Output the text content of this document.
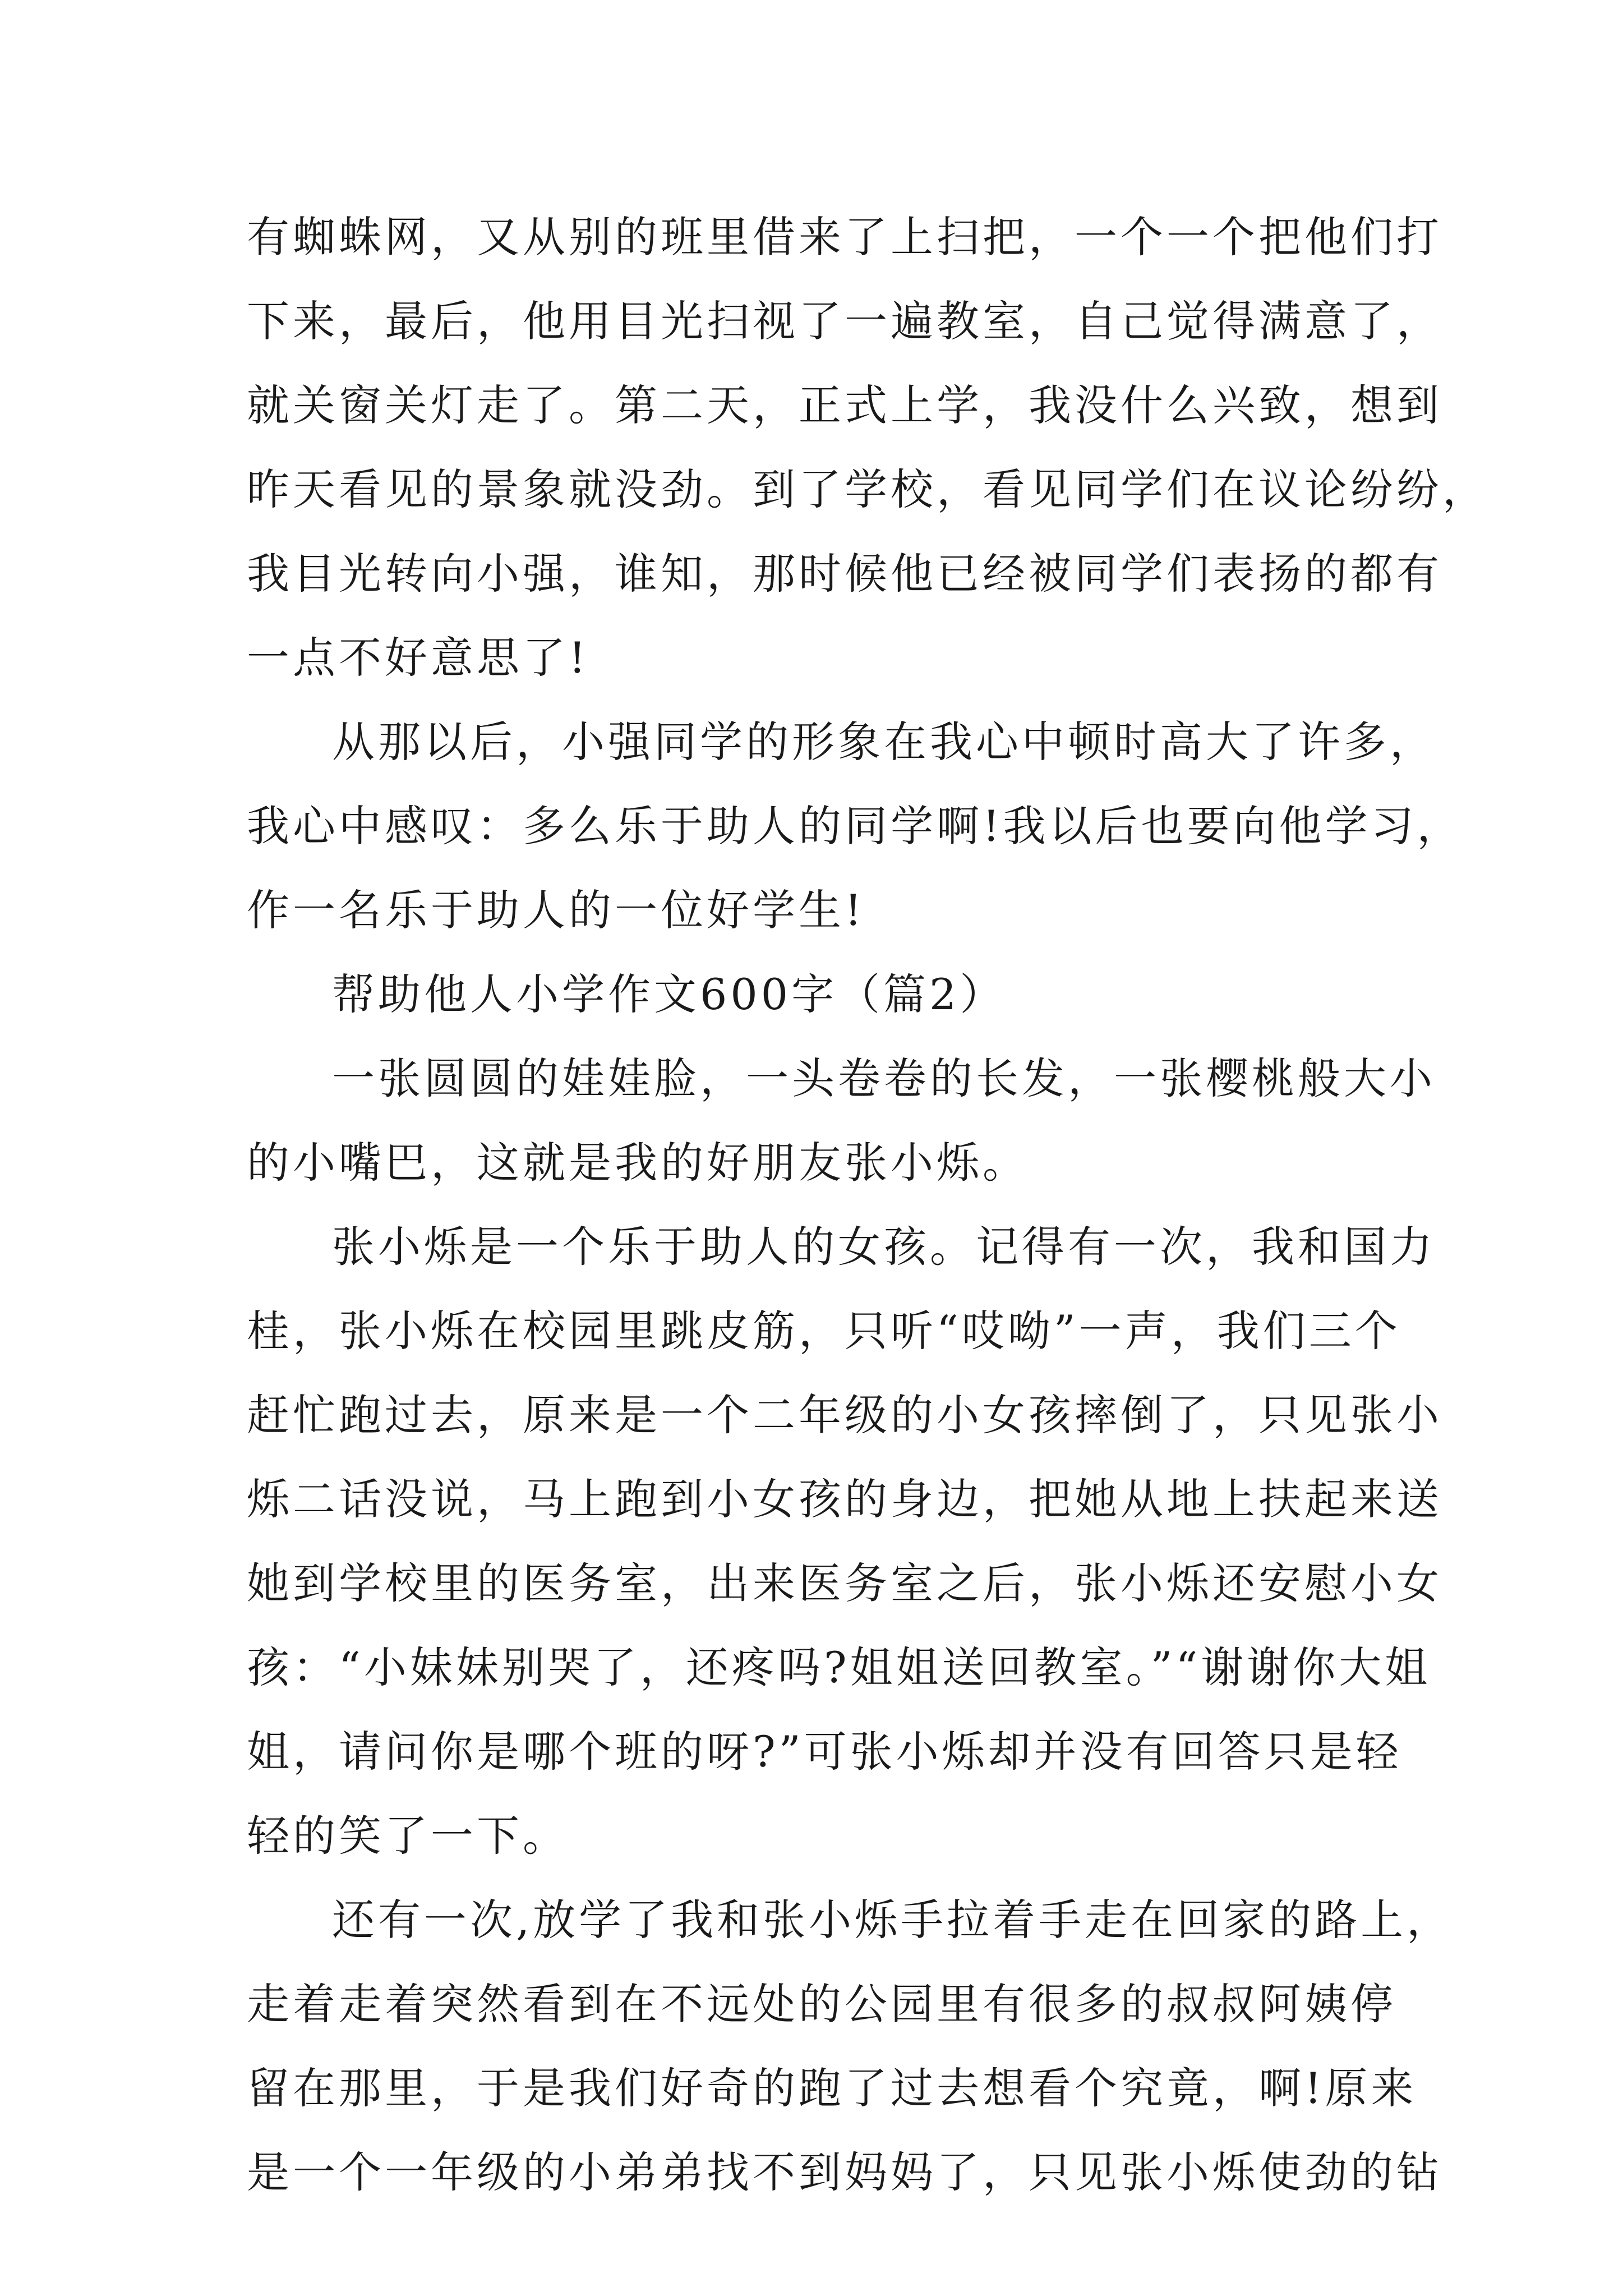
有蜘蛛网，又从别的班里借来了上扫把，一个一个把他们打
下来，最后，他用目光扫视了一遍教室，自己觉得满意了，
就关窗关灯走了。第二天，正式上学，我没什么兴致，想到
昨天看见的景象就没劲。到了学校，看见同学们在议论纷纷，
我目光转向小强，谁知，那时候他已经被同学们表扬的都有
一点不好意思了!
从那以后，小强同学的形象在我心中顿时高大了许多，
我心中感叹：多么乐于助人的同学啊!我以后也要向他学习，
作一名乐于助人的一位好学生!
帮助他人小学作文600字（篇2）
一张圆圆的娃娃脸，一头卷卷的长发，一张樱桃般大小
的小嘴巴，这就是我的好朋友张小烁。
张小烁是一个乐于助人的女孩。记得有一次，我和国力
桂，张小烁在校园里跳皮筋，只听“哎呦”一声，我们三个
赶忙跑过去，原来是一个二年级的小女孩摔倒了，只见张小
烁二话没说，马上跑到小女孩的身边，把她从地上扶起来送
她到学校里的医务室，出来医务室之后，张小烁还安慰小女
孩：“小妹妹别哭了，还疼吗?姐姐送回教室。”“谢谢你大姐
姐，请问你是哪个班的呀?”可张小烁却并没有回答只是轻
轻的笑了一下。
还有一次,放学了我和张小烁手拉着手走在回家的路上，
走着走着突然看到在不远处的公园里有很多的叔叔阿姨停
留在那里，于是我们好奇的跑了过去想看个究竟，啊!原来
是一个一年级的小弟弟找不到妈妈了，只见张小烁使劲的钻
